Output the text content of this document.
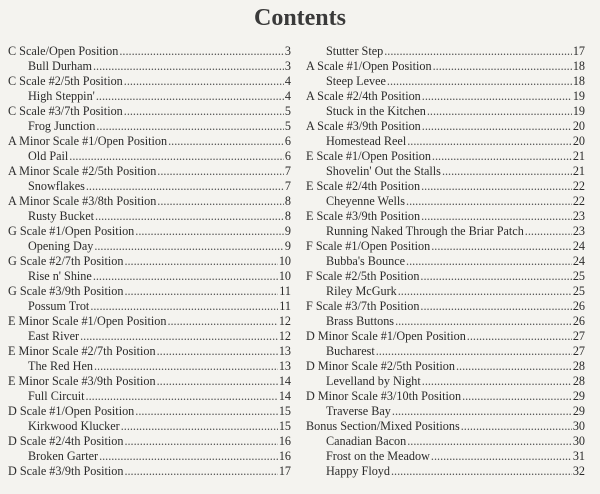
Contents
C Scale/Open Position .....	3
Bull Durham .....	3
C Scale #2/5th Position .....	4
High Steppin' .....	4
C Scale #3/7th Position .....	5
Frog Junction .....	5
A Minor Scale #1/Open Position .....	6
Old Pail .....	6
A Minor Scale #2/5th Position .....	7
Snowflakes .....	7
A Minor Scale #3/8th Position .....	8
Rusty Bucket .....	8
G Scale #1/Open Position .....	9
Opening Day .....	9
G Scale #2/7th Position .....	10
Rise n' Shine .....	10
G Scale #3/9th Position .....	11
Possum Trot .....	11
E Minor Scale #1/Open Position .....	12
East River .....	12
E Minor Scale #2/7th Position .....	13
The Red Hen .....	13
E Minor Scale #3/9th Position .....	14
Full Circuit .....	14
D Scale #1/Open Position .....	15
Kirkwood Klucker .....	15
D Scale #2/4th Position .....	16
Broken Garter .....	16
D Scale #3/9th Position .....	17
Stutter Step .....	17
A Scale #1/Open Position .....	18
Steep Levee .....	18
A Scale #2/4th Position .....	19
Stuck in the Kitchen .....	19
A Scale #3/9th Position .....	20
Homestead Reel .....	20
E Scale #1/Open Position .....	21
Shovelin' Out the Stalls .....	21
E Scale #2/4th Position .....	22
Cheyenne Wells .....	22
E Scale #3/9th Position .....	23
Running Naked Through the Briar Patch .....	23
F Scale #1/Open Position .....	24
Bubba's Bounce .....	24
F Scale #2/5th Position .....	25
Riley McGurk .....	25
F Scale #3/7th Position .....	26
Brass Buttons .....	26
D Minor Scale #1/Open Position .....	27
Bucharest .....	27
D Minor Scale #2/5th Position .....	28
Levelland by Night .....	28
D Minor Scale #3/10th Position .....	29
Traverse Bay .....	29
Bonus Section/Mixed Positions .....	30
Canadian Bacon .....	30
Frost on the Meadow .....	31
Happy Floyd .....	32
